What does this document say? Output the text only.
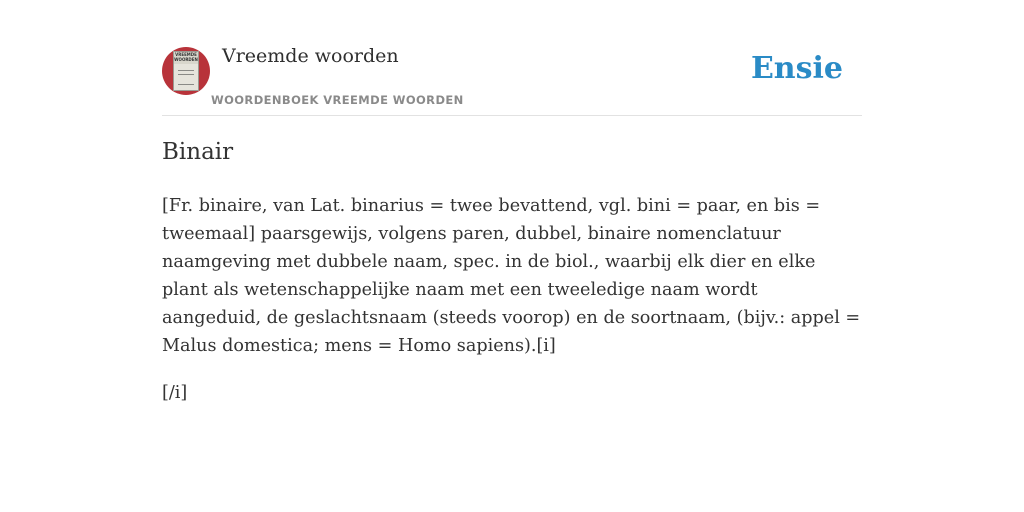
VREEMDE WOORDEN Vreemde woorden
WOORDENBOEK VREEMDE WOORDEN
Ensie
Binair

[Fr. binaire, van Lat. binarius = twee bevattend, vgl. bini = paar, en bis = tweemaal] paarsgewijs, volgens paren, dubbel, binaire nomenclatuur naamgeving met dubbele naam, spec. in de biol., waarbij elk dier en elke plant als wetenschappelijke naam met een tweeledige naam wordt aangeduid, de geslachtsnaam (steeds voorop) en de soortnaam, (bijv.: appel = Malus domestica; mens = Homo sapiens).[i]

[/i]
